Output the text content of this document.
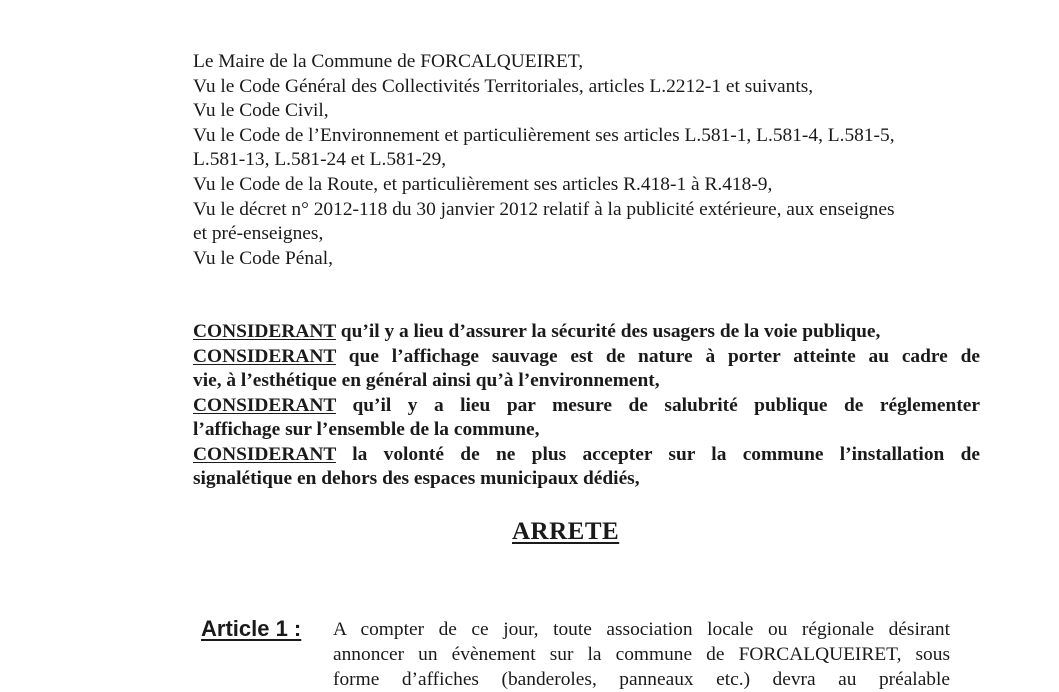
Le Maire de la Commune de FORCALQUEIRET,
Vu le Code Général des Collectivités Territoriales, articles L.2212-1 et suivants,
Vu le Code Civil,
Vu le Code de l’Environnement et particulièrement ses articles L.581-1, L.581-4, L.581-5,
L.581-13, L.581-24 et L.581-29,
Vu le Code de la Route, et particulièrement ses articles R.418-1 à R.418-9,
Vu le décret n° 2012-118 du 30 janvier 2012 relatif à la publicité extérieure, aux enseignes
et pré-enseignes,
Vu le Code Pénal,
CONSIDERANT qu’il y a lieu d’assurer la sécurité des usagers de la voie publique,
CONSIDERANT que l’affichage sauvage est de nature à porter atteinte au cadre de
vie, à l’esthétique en général ainsi qu’à l’environnement,
CONSIDERANT qu’il y a lieu par mesure de salubrité publique de réglementer
l’affichage sur l’ensemble de la commune,
CONSIDERANT la volonté de ne plus accepter sur la commune l’installation de
signalétique en dehors des espaces municipaux dédiés,
ARRETE
Article 1 : A compter de ce jour, toute association locale ou régionale désirant
annoncer un évènement sur la commune de FORCALQUEIRET, sous
forme d’affiches (banderoles, panneaux etc.) devra au préalable
